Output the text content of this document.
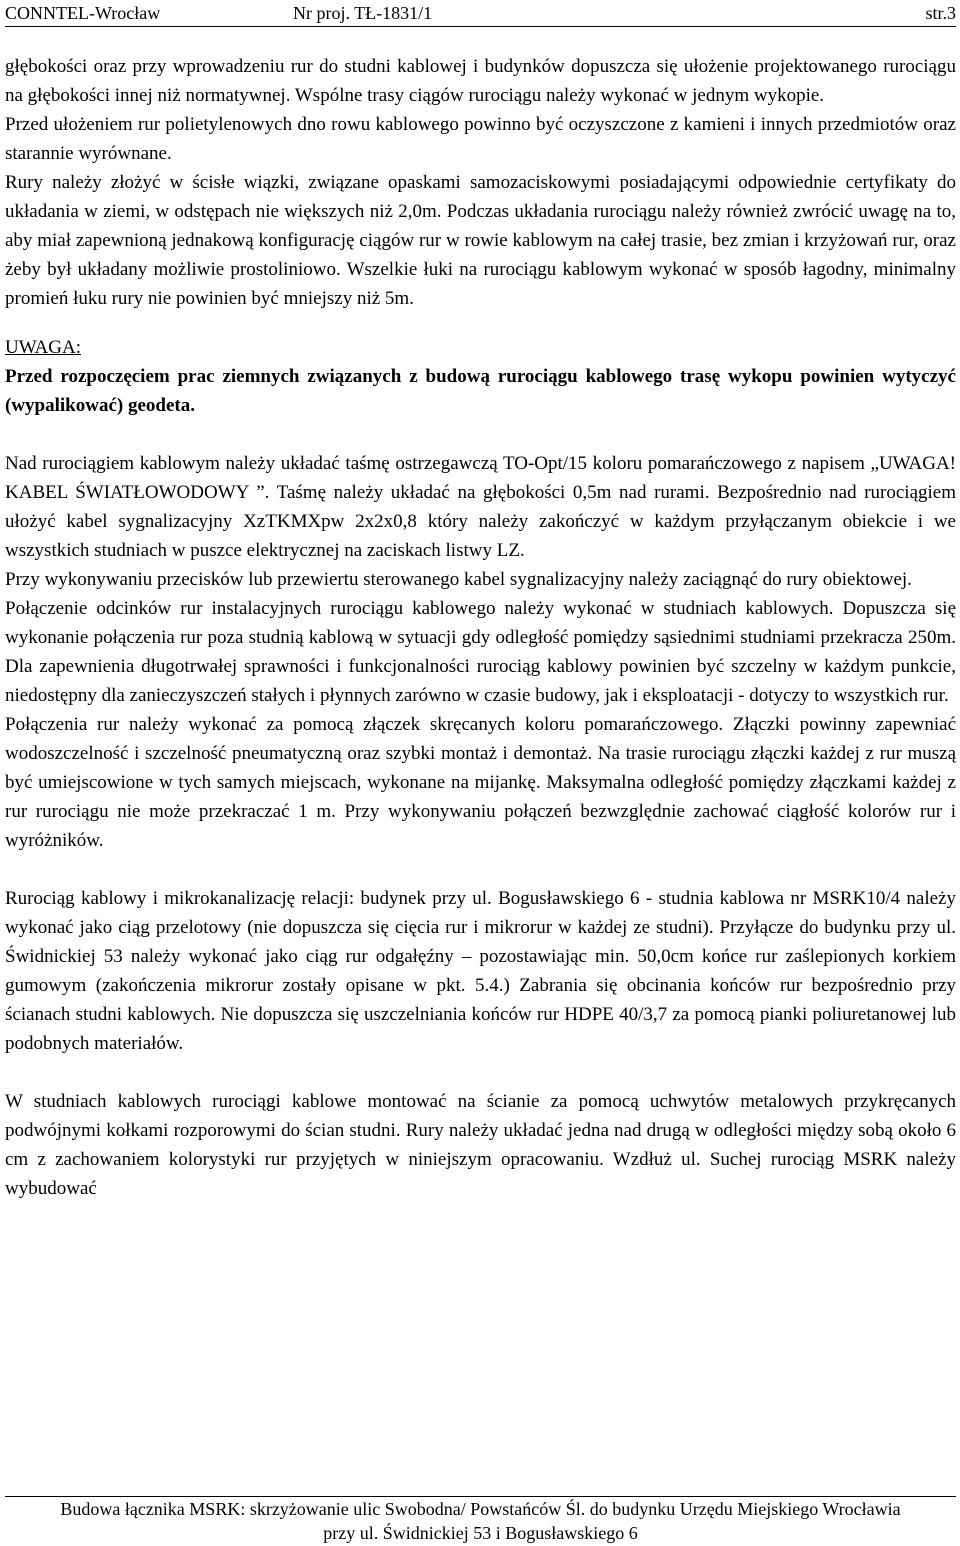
CONNTEL-Wrocław	Nr proj. TŁ-1831/1	str.3

głębokości oraz przy wprowadzeniu rur do studni kablowej i budynków dopuszcza się ułożenie projektowanego rurociągu na głębokości innej niż normatywnej. Wspólne trasy ciągów rurociągu należy wykonać w jednym wykopie.

Przed ułożeniem rur polietylenowych dno rowu kablowego powinno być oczyszczone z kamieni i innych przedmiotów oraz starannie wyrównane.

Rury należy złożyć w ścisłe wiązki, związane opaskami samozaciskowymi posiadającymi odpowiednie certyfikaty do układania w ziemi, w odstępach nie większych niż 2,0m. Podczas układania rurociągu należy również zwrócić uwagę na to, aby miał zapewnioną jednakową konfigurację ciągów rur w rowie kablowym na całej trasie, bez zmian i krzyżowań rur, oraz żeby był układany możliwie prostoliniowo. Wszelkie łuki na rurociągu kablowym wykonać w sposób łagodny, minimalny promień łuku rury nie powinien być mniejszy niż 5m.

UWAGA:

Przed rozpoczęciem prac ziemnych związanych z budową rurociągu kablowego trasę wykopu powinien wytyczyć (wypalikować) geodeta.

Nad rurociągiem kablowym należy układać taśmę ostrzegawczą TO-Opt/15 koloru pomarańczowego z napisem „UWAGA! KABEL ŚWIATŁOWODOWY ”. Taśmę należy układać na głębokości 0,5m nad rurami. Bezpośrednio nad rurociągiem ułożyć kabel sygnalizacyjny XzTKMXpw 2x2x0,8 który należy zakończyć w każdym przyłączanym obiekcie i we wszystkich studniach w puszce elektrycznej na zaciskach listwy LZ.

Przy wykonywaniu przecisków lub przewiertu sterowanego kabel sygnalizacyjny należy zaciągnąć do rury obiektowej.

Połączenie odcinków rur instalacyjnych rurociągu kablowego należy wykonać w studniach kablowych. Dopuszcza się wykonanie połączenia rur poza studnią kablową w sytuacji gdy odległość pomiędzy sąsiednimi studniami przekracza 250m. Dla zapewnienia długotrwałej sprawności i funkcjonalności rurociąg kablowy powinien być szczelny w każdym punkcie, niedostępny dla zanieczyszczeń stałych i płynnych zarówno w czasie budowy, jak i eksploatacji - dotyczy to wszystkich rur.

Połączenia rur należy wykonać za pomocą złączek skręcanych koloru pomarańczowego. Złączki powinny zapewniać wodoszczelność i szczelność pneumatyczną oraz szybki montaż i demontaż. Na trasie rurociągu złączki każdej z rur muszą być umiejscowione w tych samych miejscach, wykonane na mijankę. Maksymalna odległość pomiędzy złączkami każdej z rur rurociągu nie może przekraczać 1 m. Przy wykonywaniu połączeń bezwzględnie zachować ciągłość kolorów rur i wyróżników.

Rurociąg kablowy i mikrokanalizację relacji: budynek przy ul. Bogusławskiego 6 - studnia kablowa nr MSRK10/4 należy wykonać jako ciąg przelotowy (nie dopuszcza się cięcia rur i mikrorur w każdej ze studni). Przyłącze do budynku przy ul. Świdnickiej 53 należy wykonać jako ciąg rur odgałęźny – pozostawiając min. 50,0cm końce rur zaślepionych korkiem gumowym (zakończenia mikrorur zostały opisane w pkt. 5.4.) Zabrania się obcinania końców rur bezpośrednio przy ścianach studni kablowych. Nie dopuszcza się uszczelniania końców rur HDPE 40/3,7 za pomocą pianki poliuretanowej lub podobnych materiałów.

W studniach kablowych rurociągi kablowe montować na ścianie za pomocą uchwytów metalowych przykręcanych podwójnymi kołkami rozporowymi do ścian studni. Rury należy układać jedna nad drugą w odległości między sobą około 6 cm z zachowaniem kolorystyki rur przyjętych w niniejszym opracowaniu. Wzdłuż ul. Suchej rurociąg MSRK należy wybudować

Budowa łącznika MSRK: skrzyżowanie ulic Swobodna/ Powstańców Śl. do budynku Urzędu Miejskiego Wrocławia
przy ul. Świdnickiej 53 i Bogusławskiego 6
